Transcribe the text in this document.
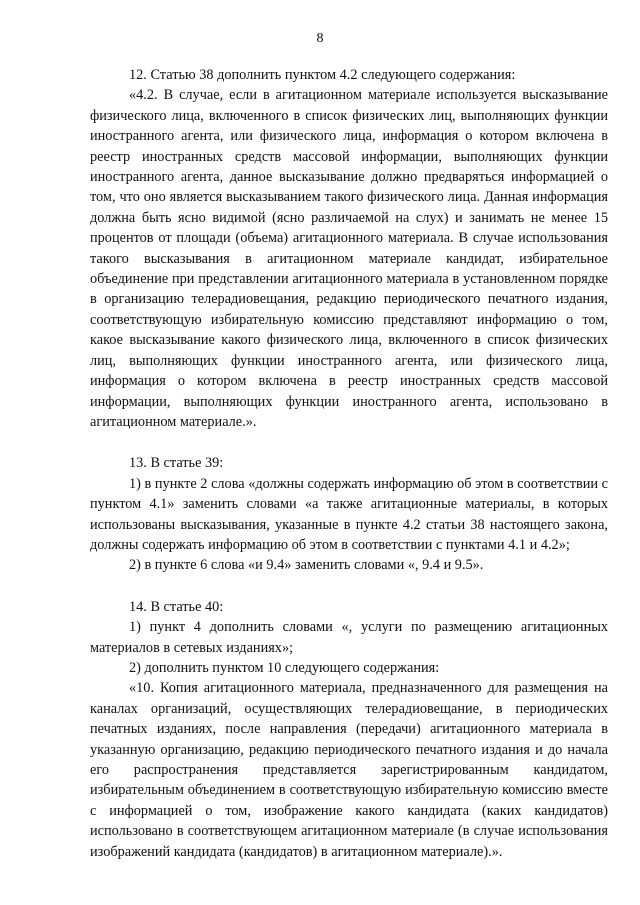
8

12. Статью 38 дополнить пунктом 4.2 следующего содержания:

«4.2. В случае, если в агитационном материале используется высказывание физического лица, включенного в список физических лиц, выполняющих функции иностранного агента, или физического лица, информация о котором включена в реестр иностранных средств массовой информации, выполняющих функции иностранного агента, данное высказывание должно предваряться информацией о том, что оно является высказыванием такого физического лица. Данная информация должна быть ясно видимой (ясно различаемой на слух) и занимать не менее 15 процентов от площади (объема) агитационного материала. В случае использования такого высказывания в агитационном материале кандидат, избирательное объединение при представлении агитационного материала в установленном порядке в организацию телерадиовещания, редакцию периодического печатного издания, соответствующую избирательную комиссию представляют информацию о том, какое высказывание какого физического лица, включенного в список физических лиц, выполняющих функции иностранного агента, или физического лица, информация о котором включена в реестр иностранных средств массовой информации, выполняющих функции иностранного агента, использовано в агитационном материале.».

13. В статье 39:

1) в пункте 2 слова «должны содержать информацию об этом в соответствии с пунктом 4.1» заменить словами «а также агитационные материалы, в которых использованы высказывания, указанные в пункте 4.2 статьи 38 настоящего закона, должны содержать информацию об этом в соответствии с пунктами 4.1 и 4.2»;

2) в пункте 6 слова «и 9.4» заменить словами «, 9.4 и 9.5».

14. В статье 40:

1) пункт 4 дополнить словами «, услуги по размещению агитационных материалов в сетевых изданиях»;

2) дополнить пунктом 10 следующего содержания:

«10. Копия агитационного материала, предназначенного для размещения на каналах организаций, осуществляющих телерадиовещание, в периодических печатных изданиях, после направления (передачи) агитационного материала в указанную организацию, редакцию периодического печатного издания и до начала его распространения представляется зарегистрированным кандидатом, избирательным объединением в соответствующую избирательную комиссию вместе с информацией о том, изображение какого кандидата (каких кандидатов) использовано в соответствующем агитационном материале (в случае использования изображений кандидата (кандидатов) в агитационном материале).».
